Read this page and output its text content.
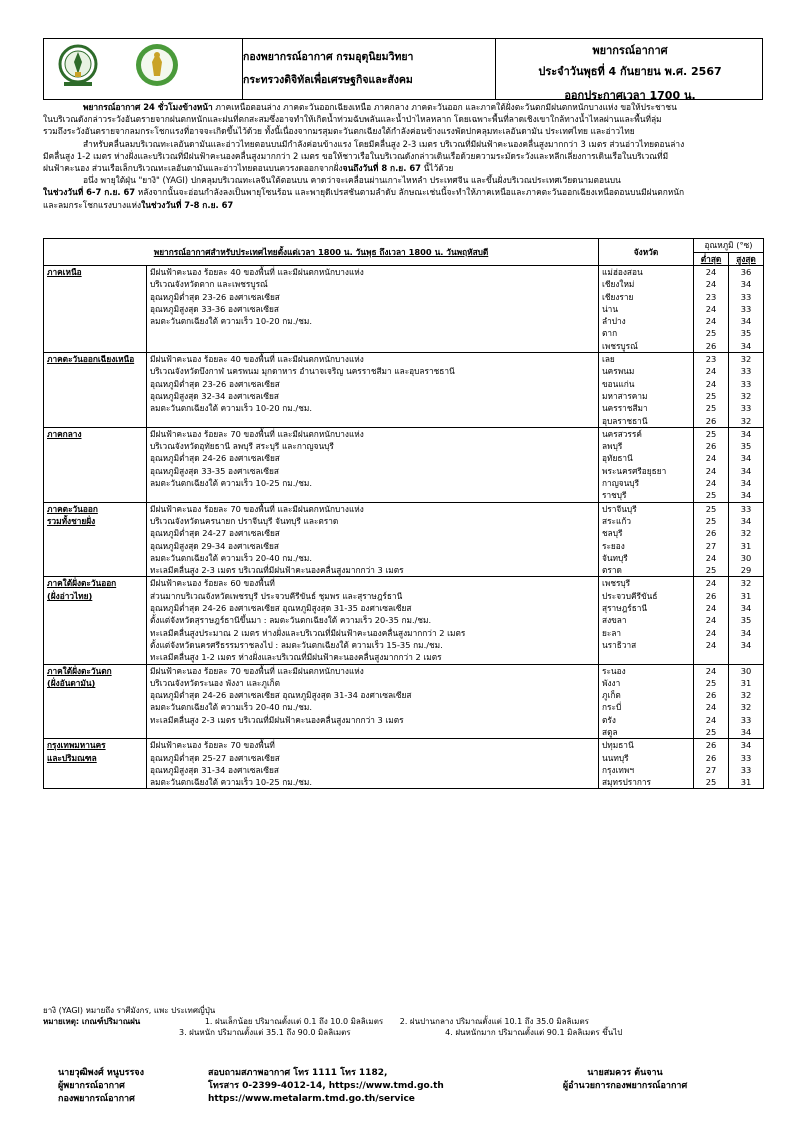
กองพยากรณ์อากาศ กรมอุตุนิยมวิทยา
กระทรวงดิจิทัลเพื่อเศรษฐกิจและสังคม
พยากรณ์อากาศ
ประจำวันพุธที่ 4 กันยายน พ.ศ. 2567
ออกประกาศเวลา 1700 น.
พยากรณ์อากาศ 24 ชั่วโมงข้างหน้า ภาคเหนือตอนล่าง ภาคตะวันออกเฉียงเหนือ ภาคกลาง ภาคตะวันออก และภาคใต้ฝั่งตะวันตกมีฝนตกหนักบางแห่ง ขอให้ประชาชน
ในบริเวณดังกล่าวระวังอันตรายจากฝนตกหนักและฝนที่ตกสะสมซึ่งอาจทำให้เกิดน้ำท่วมฉับพลันและน้ำป่าไหลหลาก โดยเฉพาะพื้นที่ลาดเชิงเขาใกล้ทางน้ำไหลผ่านและพื้นที่ลุ่ม
รวมถึงระวังอันตรายจากลมกระโชกแรงที่อาจจะเกิดขึ้นไว้ด้วย ทั้งนี้เนื่องจากมรสุมตะวันตกเฉียงใต้กำลังค่อนข้างแรงพัดปกคลุมทะเลอันดามัน ประเทศไทย และอ่าวไทย
สำหรับคลื่นลมบริเวณทะเลอันดามันและอ่าวไทยตอนบนมีกำลังค่อนข้างแรง โดยมีคลื่นสูง 2-3 เมตร บริเวณที่มีฝนฟ้าคะนองคลื่นสูงมากกว่า 3 เมตร ส่วนอ่าวไทยตอนล่าง
มีคลื่นสูง 1-2 เมตร ห่างฝั่งและบริเวณที่มีฝนฟ้าคะนองคลื่นสูงมากกว่า 2 เมตร ขอให้ชาวเรือในบริเวณดังกล่าวเดินเรือด้วยความระมัดระวังและหลีกเลี่ยงการเดินเรือในบริเวณที่มี
ฝนฟ้าคะนอง ส่วนเรือเล็กบริเวณทะเลอันดามันและอ่าวไทยตอนบนควรงดออกจากฝั่งจนถึงวันที่ 8 ก.ย. 67 นี้ไว้ด้วย
อนึ่ง พายุใต้ฝุ่น "ยางิ" (YAGI) ปกคลุมบริเวณทะเลจีนใต้ตอนบน คาดว่าจะเคลื่อนผ่านเกาะไหหลำ ประเทศจีน และขึ้นฝั่งบริเวณประเทศเวียดนามตอนบน
ในช่วงวันที่ 6-7 ก.ย. 67 หลังจากนั้นจะอ่อนกำลังลงเป็นพายุโซนร้อน และพายุดีเปรสชันตามลำดับ ลักษณะเช่นนี้จะทำให้ภาคเหนือและภาคตะวันออกเฉียงเหนือตอนบนมีฝนตกหนัก
และลมกระโชกแรงบางแห่งในช่วงวันที่ 7-8 ก.ย. 67
พยากรณ์อากาศสำหรับประเทศไทยตั้งแต่เวลา 1800 น. วันพุธ ถึงเวลา 1800 น. วันพฤหัสบดี		จังหวัด	อุณหภูมิ (°ซ)	
			ต่ำสุด	สูงสุด
ภาคเหนือ	มีฝนฟ้าคะนอง ร้อยละ 40 ของพื้นที่ และมีฝนตกหนักบางแห่ง	แม่ฮ่องสอน	24	36
	บริเวณจังหวัดตาก และเพชรบูรณ์	เชียงใหม่	24	34
	อุณหภูมิต่ำสุด 23-26 องศาเซลเซียส	เชียงราย	23	33
	อุณหภูมิสูงสุด 33-36 องศาเซลเซียส	น่าน	24	33
	ลมตะวันตกเฉียงใต้ ความเร็ว 10-20 กม./ชม.	ลำปาง	24	34
		ตาก	25	35
		เพชรบูรณ์	26	34
ภาคตะวันออกเฉียงเหนือ	มีฝนฟ้าคะนอง ร้อยละ 40 ของพื้นที่ และมีฝนตกหนักบางแห่ง	เลย	23	32
	บริเวณจังหวัดบึงกาฬ นครพนม มุกดาหาร อำนาจเจริญ นครราชสีมา และอุบลราชธานี	นครพนม	24	33
	อุณหภูมิต่ำสุด 23-26 องศาเซลเซียส	ขอนแก่น	24	33
	อุณหภูมิสูงสุด 32-34 องศาเซลเซียส	มหาสารคาม	25	32
	ลมตะวันตกเฉียงใต้ ความเร็ว 10-20 กม./ชม.	นครราชสีมา	25	33
		อุบลราชธานี	26	32
ภาคกลาง	มีฝนฟ้าคะนอง ร้อยละ 70 ของพื้นที่ และมีฝนตกหนักบางแห่ง	นครสวรรค์	25	34
	บริเวณจังหวัดอุทัยธานี ลพบุรี สระบุรี และกาญจนบุรี	ลพบุรี	26	35
	อุณหภูมิต่ำสุด 24-26 องศาเซลเซียส	อุทัยธานี	24	34
	อุณหภูมิสูงสุด 33-35 องศาเซลเซียส	พระนครศรีอยุธยา	24	34
	ลมตะวันตกเฉียงใต้ ความเร็ว 10-25 กม./ชม.	กาญจนบุรี	24	34
		ราชบุรี	25	34
ภาคตะวันออก	มีฝนฟ้าคะนอง ร้อยละ 70 ของพื้นที่ และมีฝนตกหนักบางแห่ง	ปราจีนบุรี	25	33
รวมทั้งชายฝั่ง	บริเวณจังหวัดนครนายก ปราจีนบุรี จันทบุรี และตราด	สระแก้ว	25	34
	อุณหภูมิต่ำสุด 24-27 องศาเซลเซียส	ชลบุรี	26	32
	อุณหภูมิสูงสุด 29-34 องศาเซลเซียส	ระยอง	27	31
	ลมตะวันตกเฉียงใต้ ความเร็ว 20-40 กม./ชม.	จันทบุรี	24	30
	ทะเลมีคลื่นสูง 2-3 เมตร บริเวณที่มีฝนฟ้าคะนองคลื่นสูงมากกว่า 3 เมตร	ตราด	25	29
ภาคใต้ฝั่งตะวันออก	มีฝนฟ้าคะนอง ร้อยละ 60 ของพื้นที่	เพชรบุรี	24	32
(ฝั่งอ่าวไทย)	ส่วนมากบริเวณจังหวัดเพชรบุรี ประจวบคีรีขันธ์ ชุมพร และสุราษฎร์ธานี	ประจวบคีรีขันธ์	26	31
	อุณหภูมิต่ำสุด 24-26 องศาเซลเซียส อุณหภูมิสูงสุด 31-35 องศาเซลเซียส	สุราษฎร์ธานี	24	34
	ตั้งแต่จังหวัดสุราษฎร์ธานีขึ้นมา : ลมตะวันตกเฉียงใต้ ความเร็ว 20-35 กม./ชม.	สงขลา	24	35
	ทะเลมีคลื่นสูงประมาณ 2 เมตร ห่างฝั่งและบริเวณที่มีฝนฟ้าคะนองคลื่นสูงมากกว่า 2 เมตร	ยะลา	24	34
	ตั้งแต่จังหวัดนครศรีธรรมราชลงไป : ลมตะวันตกเฉียงใต้ ความเร็ว 15-35 กม./ชม.	นราธิวาส	24	34
	ทะเลมีคลื่นสูง 1-2 เมตร ห่างฝั่งและบริเวณที่มีฝนฟ้าคะนองคลื่นสูงมากกว่า 2 เมตร			
ภาคใต้ฝั่งตะวันตก	มีฝนฟ้าคะนอง ร้อยละ 70 ของพื้นที่ และมีฝนตกหนักบางแห่ง	ระนอง	24	30
(ฝั่งอันดามัน)	บริเวณจังหวัดระนอง พังงา และภูเก็ต	พังงา	25	31
	อุณหภูมิต่ำสุด 24-26 องศาเซลเซียส อุณหภูมิสูงสุด 31-34 องศาเซลเซียส	ภูเก็ต	26	32
	ลมตะวันตกเฉียงใต้ ความเร็ว 20-40 กม./ชม.	กระบี่	24	32
	ทะเลมีคลื่นสูง 2-3 เมตร บริเวณที่มีฝนฟ้าคะนองคลื่นสูงมากกว่า 3 เมตร	ตรัง	24	33
		สตูล	25	34
กรุงเทพมหานคร	มีฝนฟ้าคะนอง ร้อยละ 70 ของพื้นที่	ปทุมธานี	26	34
และปริมณฑล	อุณหภูมิต่ำสุด 25-27 องศาเซลเซียส	นนทบุรี	26	33
	อุณหภูมิสูงสุด 31-34 องศาเซลเซียส	กรุงเทพฯ	27	33
	ลมตะวันตกเฉียงใต้ ความเร็ว 10-25 กม./ชม.	สมุทรปราการ	25	31
ยางิ (YAGI) หมายถึง ราศีมังกร, แพะ ประเทศญี่ปุ่น
หมายเหตุ: เกณฑ์ปริมาณฝน	1. ฝนเล็กน้อย ปริมาณตั้งแต่ 0.1 ถึง 10.0 มิลลิเมตร 2. ฝนปานกลาง ปริมาณตั้งแต่ 10.1 ถึง 35.0 มิลลิเมตร
3. ฝนหนัก ปริมาณตั้งแต่ 35.1 ถึง 90.0 มิลลิเมตร	4. ฝนหนักมาก ปริมาณตั้งแต่ 90.1 มิลลิเมตร ขึ้นไป
นายวุฒิพงศ์ หนูบรรจง
ผู้พยากรณ์อากาศ
กองพยากรณ์อากาศ
สอบถามสภาพอากาศ โทร 1111 โทร 1182,
โทรสาร 0-2399-4012-14, https://www.tmd.go.th
https://www.metalarm.tmd.go.th/service
นายสมควร ต้นจาน
ผู้อำนวยการกองพยากรณ์อากาศ
